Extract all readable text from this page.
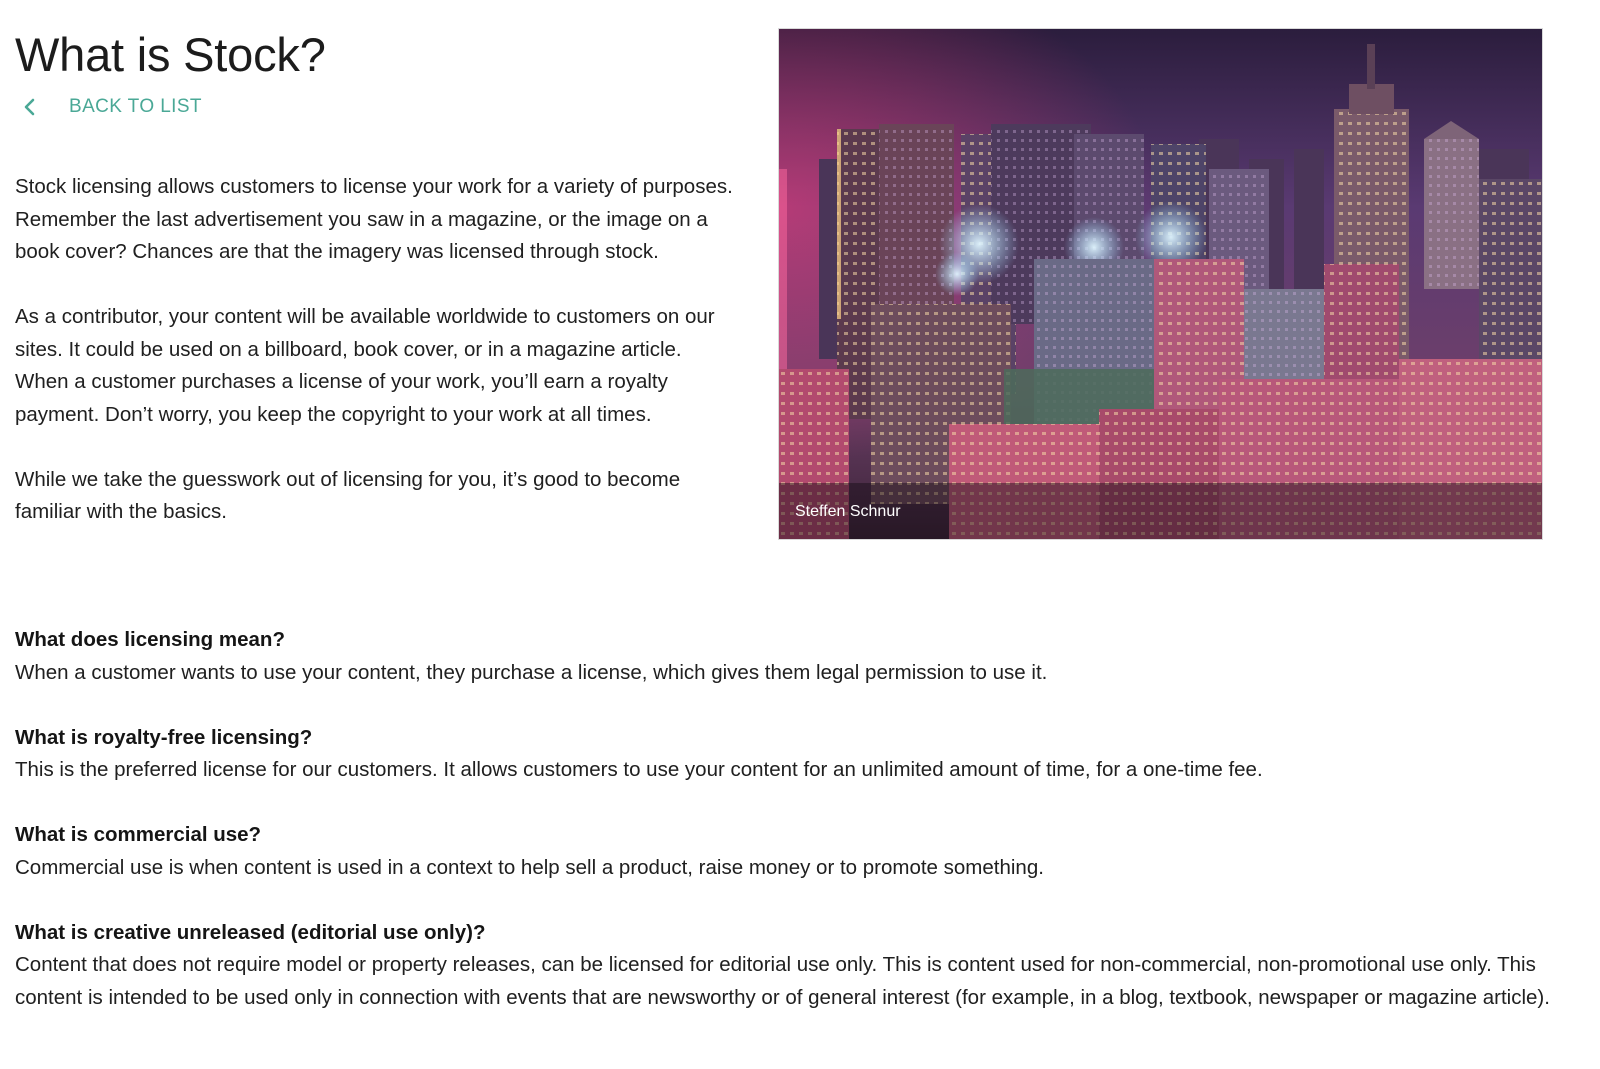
What is Stock?
BACK TO LIST

Stock licensing allows customers to license your work for a variety of purposes. Remember the last advertisement you saw in a magazine, or the image on a book cover? Chances are that the imagery was licensed through stock.

As a contributor, your content will be available worldwide to customers on our sites. It could be used on a billboard, book cover, or in a magazine article. When a customer purchases a license of your work, you’ll earn a royalty payment. Don’t worry, you keep the copyright to your work at all times.

While we take the guesswork out of licensing for you, it’s good to become familiar with the basics.

What does licensing mean?
When a customer wants to use your content, they purchase a license, which gives them legal permission to use it.
What is royalty-free licensing?
This is the preferred license for our customers. It allows customers to use your content for an unlimited amount of time, for a one-time fee.
What is commercial use?
Commercial use is when content is used in a context to help sell a product, raise money or to promote something.
What is creative unreleased (editorial use only)?
Content that does not require model or property releases, can be licensed for editorial use only. This is content used for non-commercial, non-promotional use only. This content is intended to be used only in connection with events that are newsworthy or of general interest (for example, in a blog, textbook, newspaper or magazine article).
Steffen Schnur
